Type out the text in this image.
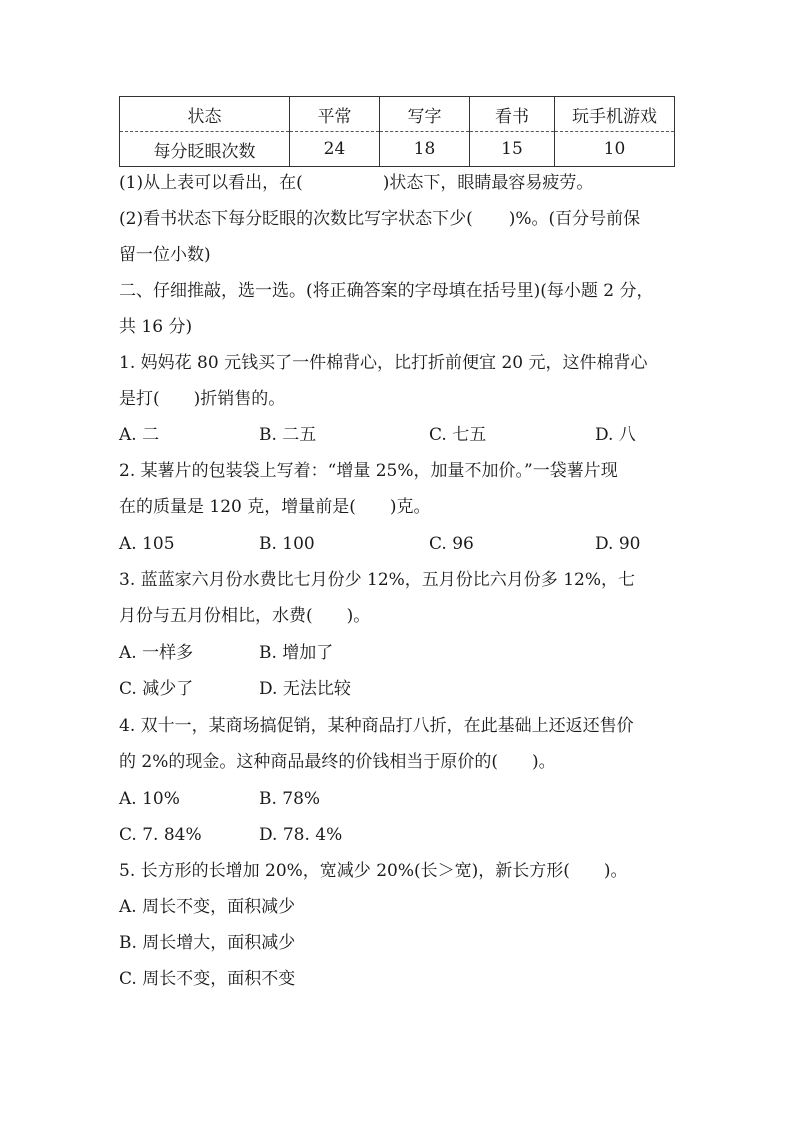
状态	平常	写字	看书	玩手机游戏
每分眨眼次数	24	18	15	10
(1)从上表可以看出，在(	)状态下，眼睛最容易疲劳。
(2)看书状态下每分眨眼的次数比写字状态下少( )%。(百分号前保
留一位小数)
二、仔细推敲，选一选。(将正确答案的字母填在括号里)(每小题 2 分，
共 16 分)
1. 妈妈花 80 元钱买了一件棉背心，比打折前便宜 20 元，这件棉背心
是打(　　)折销售的。
A. 二	B. 二五	C. 七五	D. 八
2. 某薯片的包装袋上写着：“增量 25%，加量不加价。”一袋薯片现
在的质量是 120 克，增量前是(　　)克。
A. 105	B. 100	C. 96	D. 90
3. 蓝蓝家六月份水费比七月份少 12%，五月份比六月份多 12%，七
月份与五月份相比，水费(　　)。
A. 一样多	B. 增加了
C. 减少了	D. 无法比较
4. 双十一，某商场搞促销，某种商品打八折，在此基础上还返还售价
的 2%的现金。这种商品最终的价钱相当于原价的(　　)。
A. 10%	B. 78%
C. 7. 84%	D. 78. 4%
5. 长方形的长增加 20%，宽减少 20%(长＞宽)，新长方形(　　)。
A. 周长不变，面积减少
B. 周长增大，面积减少
C. 周长不变，面积不变
